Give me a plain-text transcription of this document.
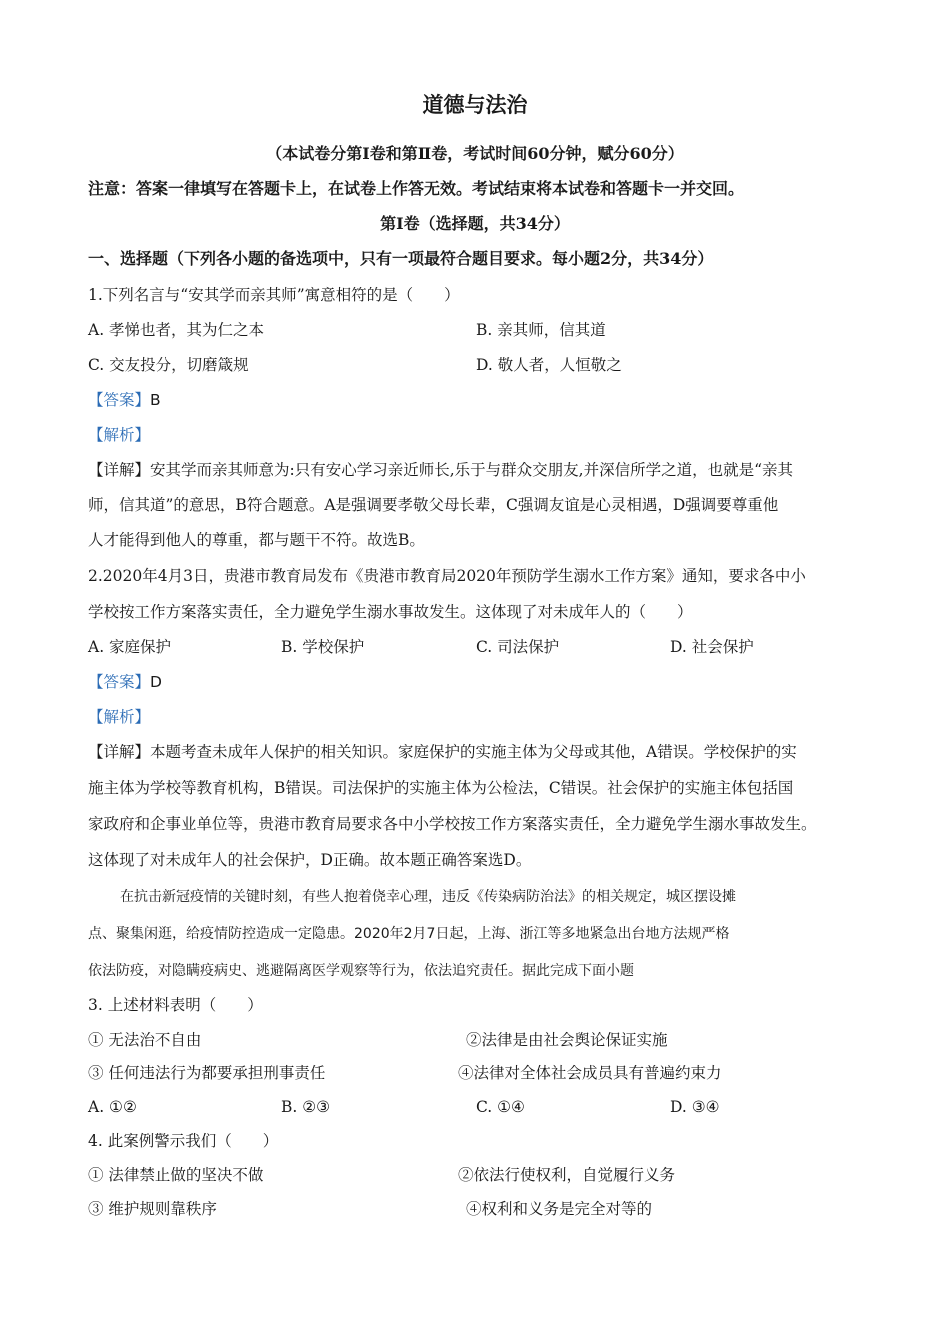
道德与法治
（本试卷分第Ⅰ卷和第Ⅱ卷，考试时间60分钟，赋分60分）
注意：答案一律填写在答题卡上，在试卷上作答无效。考试结束将本试卷和答题卡一并交回。
第Ⅰ卷（选择题，共34分）
一、选择题（下列各小题的备选项中，只有一项最符合题目要求。每小题2分，共34分）
1.下列名言与“安其学而亲其师”寓意相符的是（　　）
A. 孝悌也者，其为仁之本	B. 亲其师，信其道
C. 交友投分，切磨箴规	D. 敬人者，人恒敬之
【答案】B
【解析】
【详解】安其学而亲其师意为:只有安心学习亲近师长,乐于与群众交朋友,并深信所学之道，也就是“亲其
师，信其道”的意思，B符合题意。A是强调要孝敬父母长辈，C强调友谊是心灵相遇，D强调要尊重他
人才能得到他人的尊重，都与题干不符。故选B。
2.2020年4月3日，贵港市教育局发布《贵港市教育局2020年预防学生溺水工作方案》通知，要求各中小
学校按工作方案落实责任，全力避免学生溺水事故发生。这体现了对未成年人的（　　）
A. 家庭保护	B. 学校保护	C. 司法保护	D. 社会保护
【答案】D
【解析】
【详解】本题考查未成年人保护的相关知识。家庭保护的实施主体为父母或其他，A错误。学校保护的实
施主体为学校等教育机构，B错误。司法保护的实施主体为公检法，C错误。社会保护的实施主体包括国
家政府和企事业单位等，贵港市教育局要求各中小学校按工作方案落实责任，全力避免学生溺水事故发生。
这体现了对未成年人的社会保护，D正确。故本题正确答案选D。
在抗击新冠疫情的关键时刻，有些人抱着侥幸心理，违反《传染病防治法》的相关规定，城区摆设摊
点、聚集闲逛，给疫情防控造成一定隐患。2020年2月7日起，上海、浙江等多地紧急出台地方法规严格
依法防疫，对隐瞒疫病史、逃避隔离医学观察等行为，依法追究责任。据此完成下面小题
3. 上述材料表明（　　）
① 无法治不自由	②法律是由社会舆论保证实施
③ 任何违法行为都要承担刑事责任	④法律对全体社会成员具有普遍约束力
A. ①②	B. ②③	C. ①④	D. ③④
4. 此案例警示我们（　　）
① 法律禁止做的坚决不做	②依法行使权利，自觉履行义务
③ 维护规则靠秩序	④权利和义务是完全对等的
